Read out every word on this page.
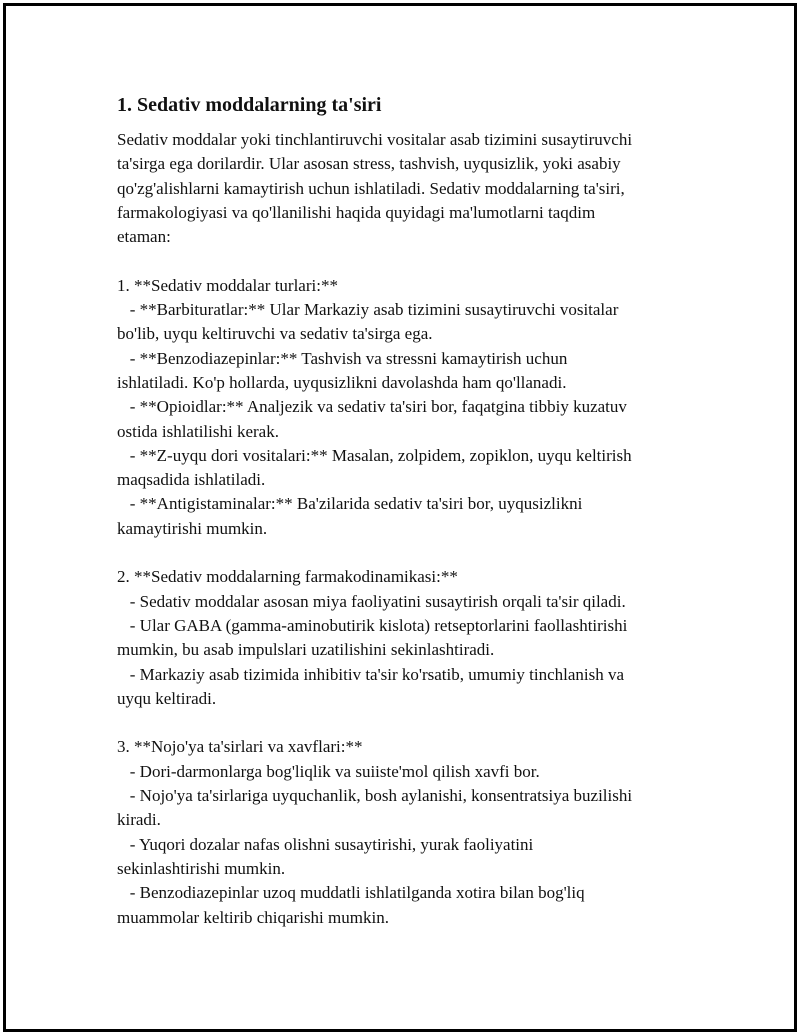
1. Sedativ moddalarning ta'siri
Sedativ moddalar yoki tinchlantiruvchi vositalar asab tizimini susaytiruvchi
ta'sirga ega dorilardir. Ular asosan stress, tashvish, uyqusizlik, yoki asabiy
qo'zg'alishlarni kamaytirish uchun ishlatiladi. Sedativ moddalarning ta'siri,
farmakologiyasi va qo'llanilishi haqida quyidagi ma'lumotlarni taqdim
etaman:

1. **Sedativ moddalar turlari:**
- **Barbituratlar:** Ular Markaziy asab tizimini susaytiruvchi vositalar
bo'lib, uyqu keltiruvchi va sedativ ta'sirga ega.
- **Benzodiazepinlar:** Tashvish va stressni kamaytirish uchun
ishlatiladi. Ko'p hollarda, uyqusizlikni davolashda ham qo'llanadi.
- **Opioidlar:** Analjezik va sedativ ta'siri bor, faqatgina tibbiy kuzatuv
ostida ishlatilishi kerak.
- **Z-uyqu dori vositalari:** Masalan, zolpidem, zopiklon, uyqu keltirish
maqsadida ishlatiladi.
- **Antigistaminalar:** Ba'zilarida sedativ ta'siri bor, uyqusizlikni
kamaytirishi mumkin.

2. **Sedativ moddalarning farmakodinamikasi:**
- Sedativ moddalar asosan miya faoliyatini susaytirish orqali ta'sir qiladi.
- Ular GABA (gamma-aminobutirik kislota) retseptorlarini faollashtirishi
mumkin, bu asab impulslari uzatilishini sekinlashtiradi.
- Markaziy asab tizimida inhibitiv ta'sir ko'rsatib, umumiy tinchlanish va
uyqu keltiradi.

3. **Nojo'ya ta'sirlari va xavflari:**
- Dori-darmonlarga bog'liqlik va suiiste'mol qilish xavfi bor.
- Nojo'ya ta'sirlariga uyquchanlik, bosh aylanishi, konsentratsiya buzilishi
kiradi.
- Yuqori dozalar nafas olishni susaytirishi, yurak faoliyatini
sekinlashtirishi mumkin.
- Benzodiazepinlar uzoq muddatli ishlatilganda xotira bilan bog'liq
muammolar keltirib chiqarishi mumkin.
